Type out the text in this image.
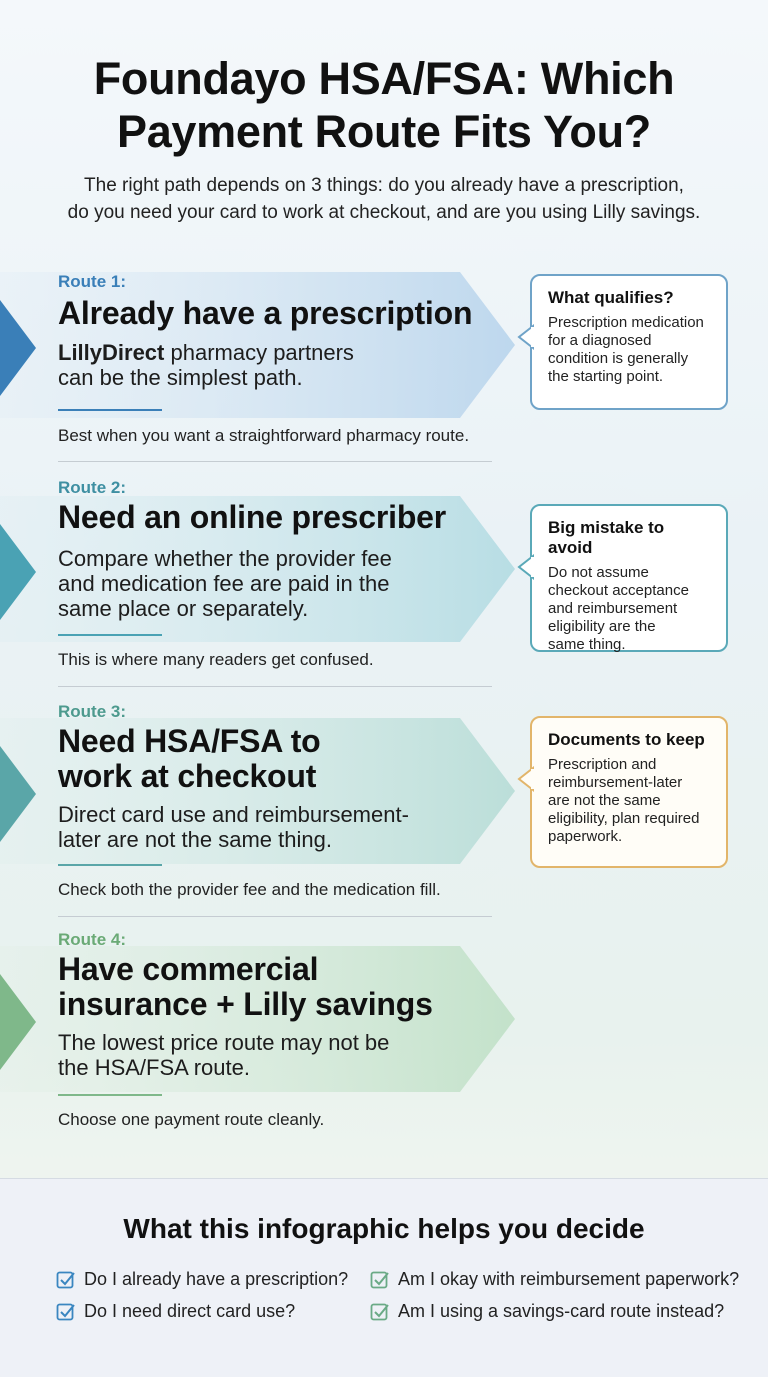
Foundayo HSA/FSA: Which
Payment Route Fits You?

The right path depends on 3 things: do you already have a prescription,
do you need your card to work at checkout, and are you using Lilly savings.

Route 1:

Already have a prescription

LillyDirect pharmacy partners
can be the simplest path.

Best when you want a straightforward pharmacy route.

What qualifies?

Prescription medication
for a diagnosed
condition is generally
the starting point.

Route 2:

Need an online prescriber

Compare whether the provider fee
and medication fee are paid in the
same place or separately.

This is where many readers get confused.

Big mistake to avoid

Do not assume
checkout acceptance
and reimbursement
eligibility are the
same thing.

Route 3:

Need HSA/FSA to
work at checkout

Direct card use and reimbursement-
later are not the same thing.

Check both the provider fee and the medication fill.

Documents to keep

Prescription and
reimbursement-later
are not the same
eligibility, plan required
paperwork.

Route 4:

Have commercial
insurance + Lilly savings

The lowest price route may not be
the HSA/FSA route.

Choose one payment route cleanly.

What this infographic helps you decide
Do I already have a prescription?	Am I okay with reimbursement paperwork?
Do I need direct card use?	Am I using a savings-card route instead?
